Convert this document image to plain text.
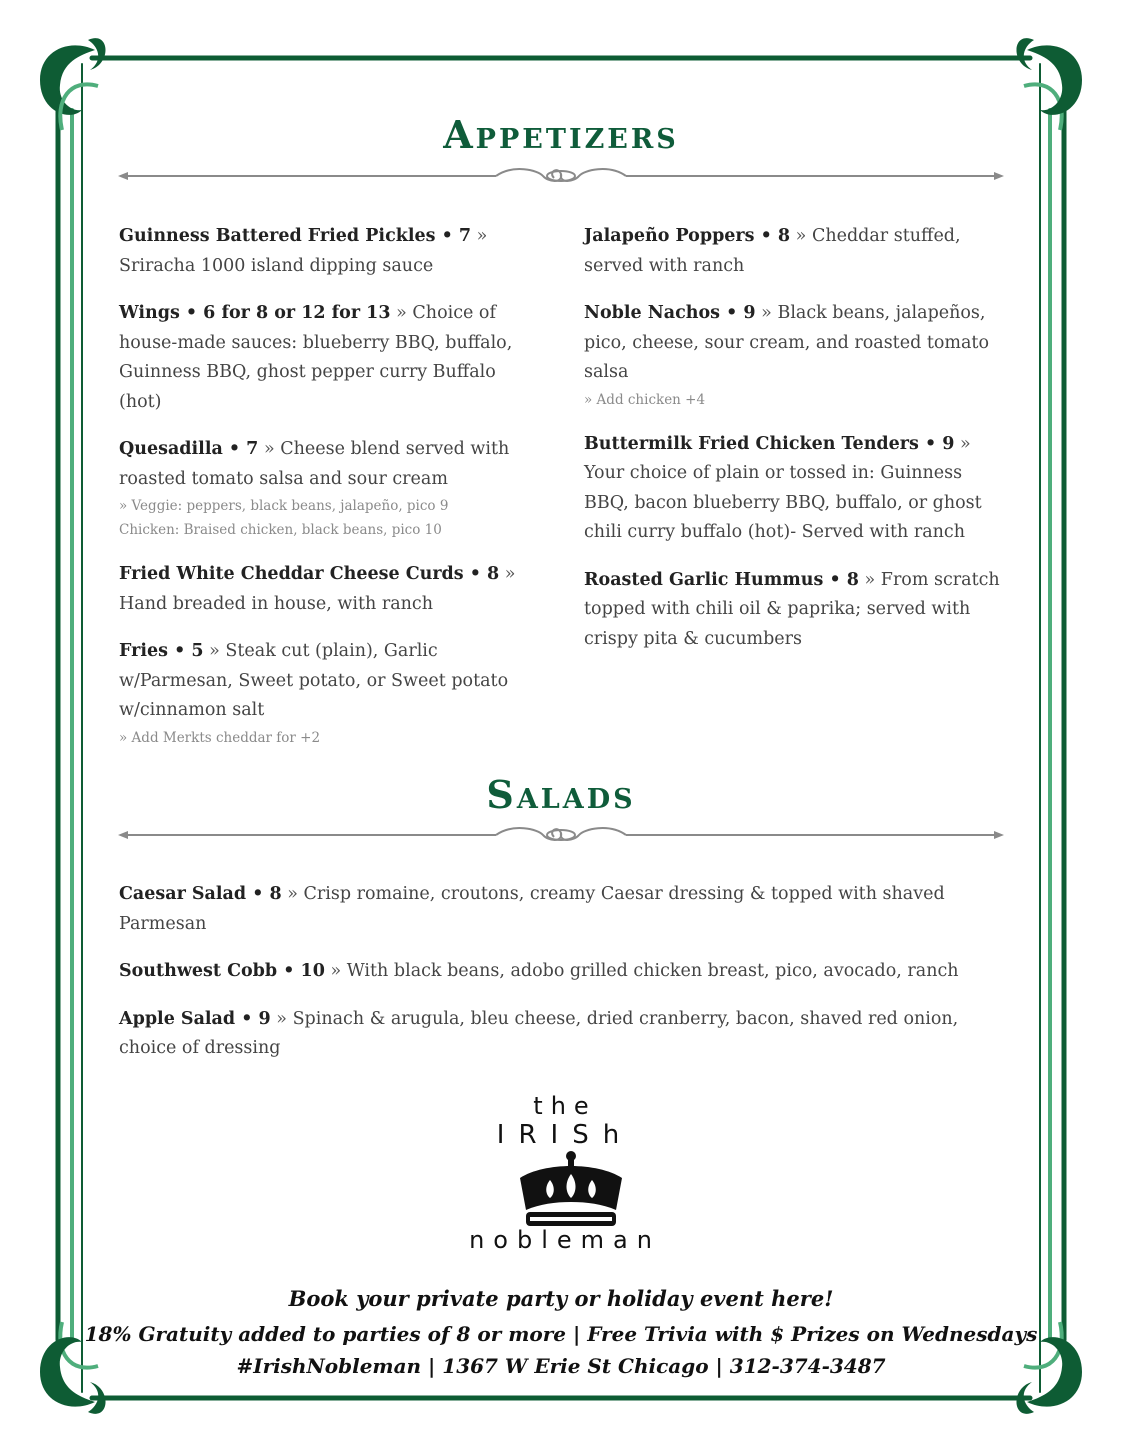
Appetizers
Guinness Battered Fried Pickles • 7 » Sriracha 1000 island dipping sauce
Wings • 6 for 8 or 12 for 13 » Choice of house-made sauces: blueberry BBQ, buffalo, Guinness BBQ, ghost pepper curry Buffalo (hot)
Quesadilla • 7 » Cheese blend served with roasted tomato salsa and sour cream
» Veggie: peppers, black beans, jalapeño, pico 9
Chicken: Braised chicken, black beans, pico 10
Fried White Cheddar Cheese Curds • 8 » Hand breaded in house, with ranch
Fries • 5 » Steak cut (plain), Garlic w/Parmesan, Sweet potato, or Sweet potato w/cinnamon salt
» Add Merkts cheddar for +2
Jalapeño Poppers • 8 » Cheddar stuffed, served with ranch
Noble Nachos • 9 » Black beans, jalapeños, pico, cheese, sour cream, and roasted tomato salsa
» Add chicken +4
Buttermilk Fried Chicken Tenders • 9 » Your choice of plain or tossed in: Guinness BBQ, bacon blueberry BBQ, buffalo, or ghost chili curry buffalo (hot)- Served with ranch
Roasted Garlic Hummus • 8 » From scratch topped with chili oil & paprika; served with crispy pita & cucumbers
Salads
Caesar Salad • 8 » Crisp romaine, croutons, creamy Caesar dressing & topped with shaved Parmesan
Southwest Cobb • 10 » With black beans, adobo grilled chicken breast, pico, avocado, ranch
Apple Salad • 9 » Spinach & arugula, bleu cheese, dried cranberry, bacon, shaved red onion, choice of dressing
the
IRISh
nobleman
Book your private party or holiday event here!
18% Gratuity added to parties of 8 or more | Free Trivia with $ Prizes on Wednesdays
#IrishNobleman | 1367 W Erie St Chicago | 312-374-3487
